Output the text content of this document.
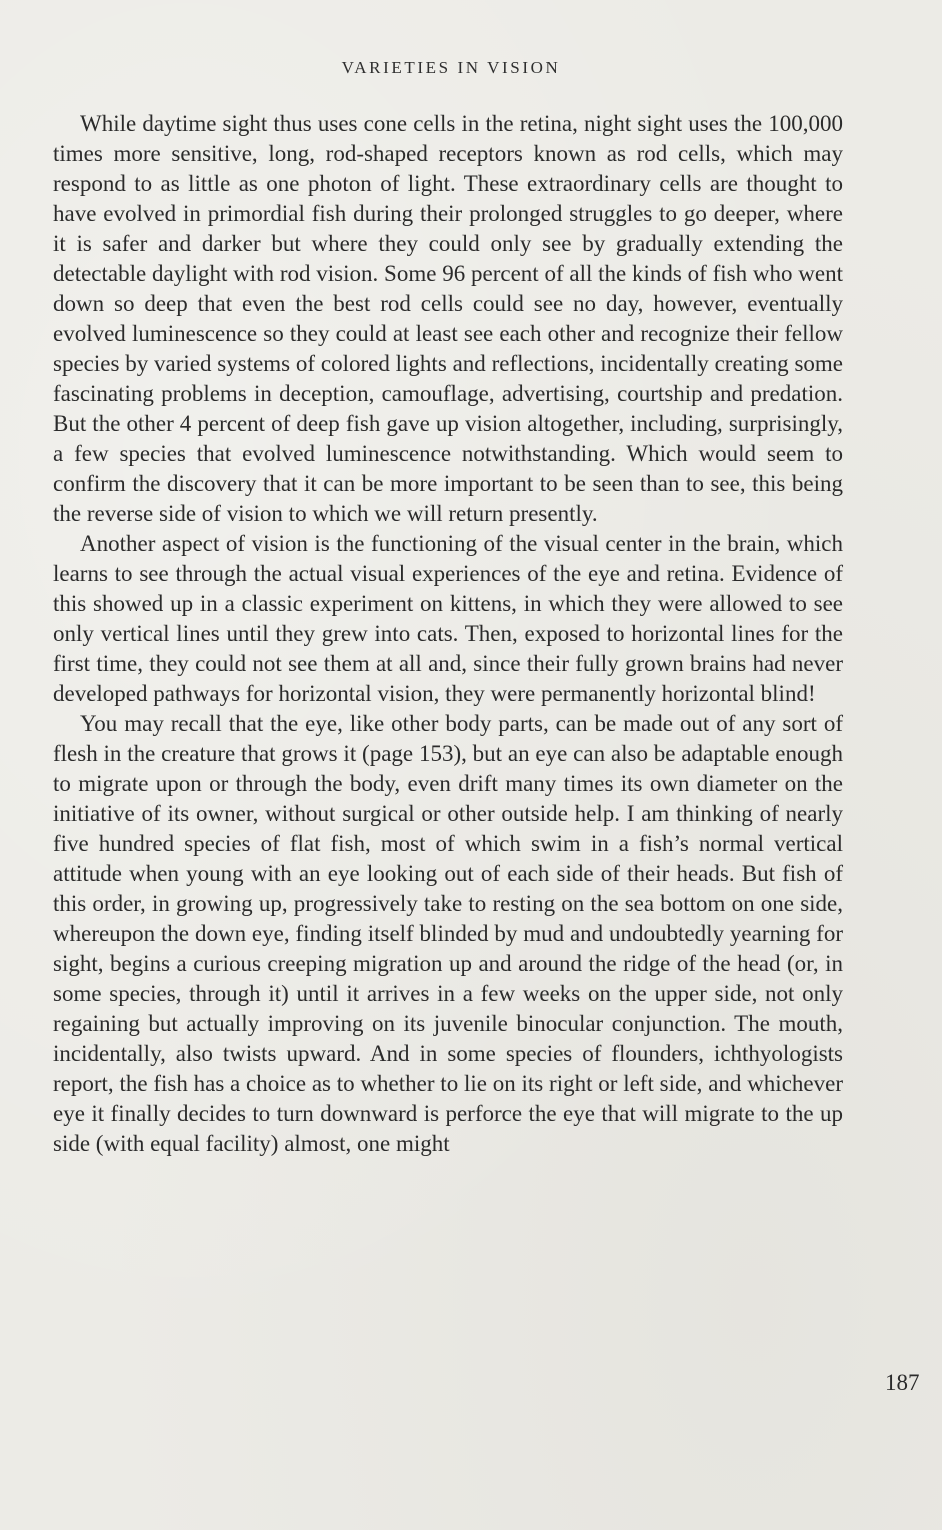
VARIETIES IN VISION

While daytime sight thus uses cone cells in the retina, night sight uses the 100,000 times more sensitive, long, rod-shaped receptors known as rod cells, which may respond to as little as one photon of light. These extraordinary cells are thought to have evolved in primordial fish during their prolonged struggles to go deeper, where it is safer and darker but where they could only see by gradually extending the detectable daylight with rod vision. Some 96 percent of all the kinds of fish who went down so deep that even the best rod cells could see no day, however, eventually evolved luminescence so they could at least see each other and recognize their fellow species by varied systems of colored lights and reflections, incidentally creating some fascinating problems in deception, camouflage, advertising, courtship and predation. But the other 4 percent of deep fish gave up vision altogether, including, surprisingly, a few species that evolved luminescence notwithstanding. Which would seem to confirm the discovery that it can be more important to be seen than to see, this being the reverse side of vision to which we will return presently.

Another aspect of vision is the functioning of the visual center in the brain, which learns to see through the actual visual experiences of the eye and retina. Evidence of this showed up in a classic experiment on kittens, in which they were allowed to see only vertical lines until they grew into cats. Then, exposed to horizontal lines for the first time, they could not see them at all and, since their fully grown brains had never developed pathways for horizontal vision, they were permanently horizontal blind!

You may recall that the eye, like other body parts, can be made out of any sort of flesh in the creature that grows it (page 153), but an eye can also be adaptable enough to migrate upon or through the body, even drift many times its own diameter on the initiative of its owner, without surgical or other outside help. I am thinking of nearly five hundred species of flat fish, most of which swim in a fish’s normal vertical attitude when young with an eye looking out of each side of their heads. But fish of this order, in growing up, progressively take to resting on the sea bottom on one side, whereupon the down eye, finding itself blinded by mud and undoubtedly yearning for sight, begins a curious creeping migration up and around the ridge of the head (or, in some species, through it) until it arrives in a few weeks on the upper side, not only regaining but actually improving on its juvenile binocular conjunction. The mouth, incidentally, also twists upward. And in some species of flounders, ichthyologists report, the fish has a choice as to whether to lie on its right or left side, and whichever eye it finally decides to turn downward is perforce the eye that will migrate to the up side (with equal facility) almost, one might

187
